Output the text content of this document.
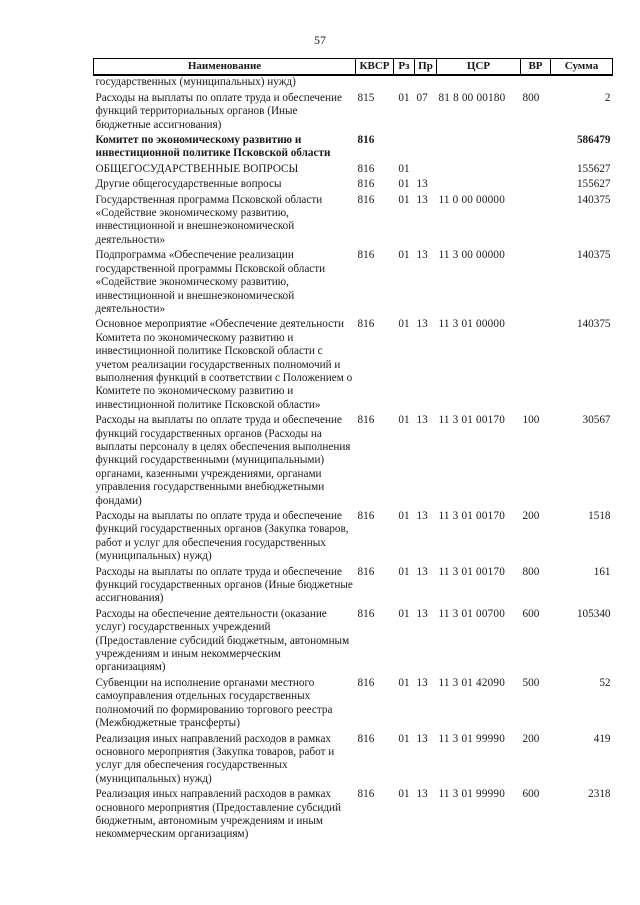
57
Наименование	КВСР	Рз	Пр	ЦСР	ВР	Сумма
государственных (муниципальных) нужд)						
Расходы на выплаты по оплате труда и обеспечение функций территориальных органов (Иные бюджетные ассигнования)	815	01	07	81 8 00 00180	800	2
Комитет по экономическому развитию и инвестиционной политике Псковской области	816					586479
ОБЩЕГОСУДАРСТВЕННЫЕ ВОПРОСЫ	816	01				155627
Другие общегосударственные вопросы	816	01	13			155627
Государственная программа Псковской области «Содействие экономическому развитию, инвестиционной и внешнеэкономической деятельности»	816	01	13	11 0 00 00000		140375
Подпрограмма «Обеспечение реализации государственной программы Псковской области «Содействие экономическому развитию, инвестиционной и внешнеэкономической деятельности»	816	01	13	11 3 00 00000		140375
Основное мероприятие «Обеспечение деятельности Комитета по экономическому развитию и инвестиционной политике Псковской области с учетом реализации государственных полномочий и выполнения функций в соответствии с Положением о Комитете по экономическому развитию и инвестиционной политике Псковской области»	816	01	13	11 3 01 00000		140375
Расходы на выплаты по оплате труда и обеспечение функций государственных органов (Расходы на выплаты персоналу в целях обеспечения выполнения функций государственными (муниципальными) органами, казенными учреждениями, органами управления государственными внебюджетными фондами)	816	01	13	11 3 01 00170	100	30567
Расходы на выплаты по оплате труда и обеспечение функций государственных органов (Закупка товаров, работ и услуг для обеспечения государственных (муниципальных) нужд)	816	01	13	11 3 01 00170	200	1518
Расходы на выплаты по оплате труда и обеспечение функций государственных органов (Иные бюджетные ассигнования)	816	01	13	11 3 01 00170	800	161
Расходы на обеспечение деятельности (оказание услуг) государственных учреждений (Предоставление субсидий бюджетным, автономным учреждениям и иным некоммерческим организациям)	816	01	13	11 3 01 00700	600	105340
Субвенции на исполнение органами местного самоуправления отдельных государственных полномочий по формированию торгового реестра (Межбюджетные трансферты)	816	01	13	11 3 01 42090	500	52
Реализация иных направлений расходов в рамках основного мероприятия (Закупка товаров, работ и услуг для обеспечения государственных (муниципальных) нужд)	816	01	13	11 3 01 99990	200	419
Реализация иных направлений расходов в рамках основного мероприятия (Предоставление субсидий бюджетным, автономным учреждениям и иным некоммерческим организациям)	816	01	13	11 3 01 99990	600	2318
